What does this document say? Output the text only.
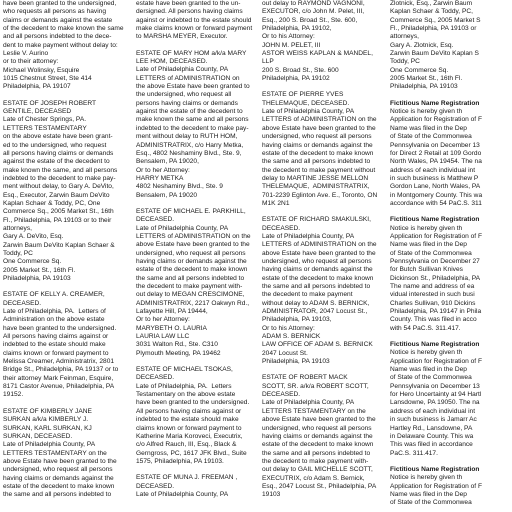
have been granted to the undersigned,

who requests all persons as having

claims or demands against the estate

of the decedent to make known the same

and all persons indebted to the dece-

dent to make payment without delay to:

Leslie V. Aurino

or to their attorney:

Michael Wolinsky, Esquire

1015 Chestnut Street, Ste 414

Philadelphia, PA 19107

ESTATE OF JOSEPH ROBERT

GENTILE, DECEASED

Late of Chester Springs, PA.

LETTERS TESTAMENTARY

on the above estate have been grant-

ed to the undersigned, who request

all persons having claims or demands

against the estate of the decedent to

make known the same, and all persons

indebted to the decedent to make pay-

ment without delay, to Gary A. DeVito,

Esq., Executor, Zarwin Baum DeVito

Kaplan Schaer & Toddy, PC, One

Commerce Sq., 2005 Market St., 16th

Fl., Philadelphia, PA 19103 or to their

attorneys,

Gary A. DeVito, Esq.

Zarwin Baum DeVito Kaplan Schaer &

Toddy, PC

One Commerce Sq.

2005 Market St., 16th Fl.

Philadelphia, PA 19103

ESTATE OF KELLY A. CREAMER,

DECEASED.

Late of Philadelphia, PA.  Letters of

Administration on the above estate

have been granted to the undersigned.

All persons having claims against or

indebted to the estate should make

claims known or forward payment to

Melissa Creamer, Administratrix, 2801

Bridge St., Philadelphia, PA 19137 or to

their attorney Mark Feinman, Esquire,

8171 Castor Avenue, Philadelphia, PA

19152.

ESTATE OF KIMBERLY JANE

SURKAN a/k/a KIMBERLY J.

SURKAN, KARL SURKAN, KJ

SURKAN, DECEASED.

Late of Philadelphia County, PA

LETTERS TESTAMENTARY on the

above Estate have been granted to the

undersigned, who request all persons

having claims or demands against the

estate of the decedent to make known

the same and all persons indebted to

estate have been granted to the un-

dersigned. All persons having claims

against or indebted to the estate should

make claims known or forward payment

to MARSHA MEYER, Executor.

ESTATE OF MARY HOM a/k/a MARY

LEE HOM, DECEASED.

Late of Philadelphia County, PA

LETTERS of ADMINISTRATION on

the above Estate have been granted to

the undersigned, who request all

persons having claims or demands

against the estate of the decedent to

make known the same and all persons

indebted to the decedent to make pay-

ment without delay to RUTH HOM,

ADMINISTRATRIX, c/o Harry Metka,

Esq., 4802 Neshaminy Blvd., Ste. 9,

Bensalem, PA 19020,

Or to her Attorney:

HARRY METKA

4802 Neshaminy Blvd., Ste. 9

Bensalem, PA 19020

ESTATE OF MICHAEL E. PARKHILL,

DECEASED.

Late of Philadelphia County, PA

LETTERS of ADMINISTRATION on the

above Estate have been granted to the

undersigned, who request all persons

having claims or demands against the

estate of the decedent to make known

the same and all persons indebted to

the decedent to make payment with-

out delay to MEGAN CRESCIMONE,

ADMINISTRATRIX, 2217 Oakwyn Rd.,

Lafayette Hill, PA 19444,

Or to her Attorney:

MARYBETH O. LAURIA

LAURIA LAW LLC

3031 Walton Rd., Ste. C310

Plymouth Meeting, PA 19462

ESTATE OF MICHAEL TSOKAS,

DECEASED.

Late of Philadelphia, PA.  Letters

Testamentary on the above estate

have been granted to the undersigned.

All persons having claims against or

indebted to the estate should make

claims known or forward payment to

Katherine Maria Koroveci, Executrix,

c/o Alfred Rauch, III, Esq., Black &

Gerngross, PC, 1617 JFK Blvd., Suite

1575, Philadelphia, PA 19103.

ESTATE OF MUNA J. FREEMAN ,

DECEASED.

Late of Philadelphia County, PA

out delay to RAYMOND VAGNONI,

EXECUTOR, c/o John M. Pelet, III,

Esq., 200 S. Broad St., Ste. 600,

Philadelphia, PA 19102,

Or to his Attorney:

JOHN M. PELET, III

ASTOR WEISS KAPLAN & MANDEL,

LLP

200 S. Broad St., Ste. 600

Philadelphia, PA 19102

ESTATE OF PIERRE YVES

THELEMAQUE, DECEASED.

Late of Philadelphia County, PA

LETTERS of ADMINISTRATION on the

above Estate have been granted to the

undersigned, who request all persons

having claims or demands against the

estate of the decedent to make known

the same and all persons indebted to

the decedent to make payment without

delay to MARTINE JESSE MELLON

THELEMAQUE,  ADMINISTRATRIX,

701-2239 Eglinton Ave. E., Toronto, ON

M1K 2N1

ESTATE OF RICHARD SMAKULSKI,

DECEASED.

Late of Philadelphia County, PA

LETTERS of ADMINISTRATION on the

above Estate have been granted to the

undersigned, who request all persons

having claims or demands against the

estate of the decedent to make known

the same and all persons indebted to

the decedent to make payment

without delay to ADAM S. BERNICK,

ADMINISTRATOR, 2047 Locust St.,

Philadelphia, PA 19103,

Or to his Attorney:

ADAM S. BERNICK

LAW OFFICE OF ADAM S. BERNICK

2047 Locust St.

Philadelphia, PA 19103

ESTATE OF ROBERT MACK

SCOTT, SR. a/k/a ROBERT SCOTT,

DECEASED.

Late of Philadelphia County, PA

LETTERS TESTAMENTARY on the

above Estate have been granted to the

undersigned, who request all persons

having claims or demands against the

estate of the decedent to make known

the same and all persons indebted to

the decedent to make payment with-

out delay to GAIL MICHELLE SCOTT,

EXECUTRIX, c/o Adam S. Bernick,

Esq., 2047 Locust St., Philadelphia, PA

19103

Zlotnick, Esq., Zarwin Baum

Kaplan Schaer & Toddy, PC,

Commerce Sq., 2005 Market S

Fl., Philadelphia, PA 19103 or

attorneys,

Gary A. Zlotnick, Esq.

Zarwin Baum DeVito Kaplan S

Toddy, PC

One Commerce Sq.

2005 Market St., 16th Fl.

Philadelphia, PA 19103

Fictitious Name Registration

Notice is hereby given th

Application for Registration of F

Name was filed in the Dep

of State of the Commonwea

Pennsylvania on December 13

for Direct 2 Retail at 109 Gordo

North Wales, PA 19454. The na

address of each individual int

in such business is Matthew P

Gordon Lane, North Wales, PA

in Montgomery County. This wa

accordance with 54 PaC.S. 311

Fictitious Name Registration

Notice is hereby given th

Application for Registration of F

Name was filed in the Dep

of State of the Commonwea

Pennsylvania on December 27

for Butch Sullivan Knives

Dickinson St., Philadelphia, PA

The name and address of ea

vidual interested in such busi

Charles Sullivan, 910 Dickins

Philadelphia, PA 19147 in Phila

County. This was filed in acco

with 54 PaC.S. 311.417.

Fictitious Name Registration

Notice is hereby given th

Application for Registration of F

Name was filed in the Dep

of State of the Commonwea

Pennsylvania on December 13

for Hero Uncertainty at 94 Hartl

Lansdowne, PA 19050. The na

address of each individual int

in such business is Jamarr Ac

Hartley Rd., Lansdowne, PA

in Delaware County. This wa

This was filed in accordance

PaC.S. 311.417.

Fictitious Name Registration

Notice is hereby given th

Application for Registration of F

Name was filed in the Dep

of State of the Commonwea
